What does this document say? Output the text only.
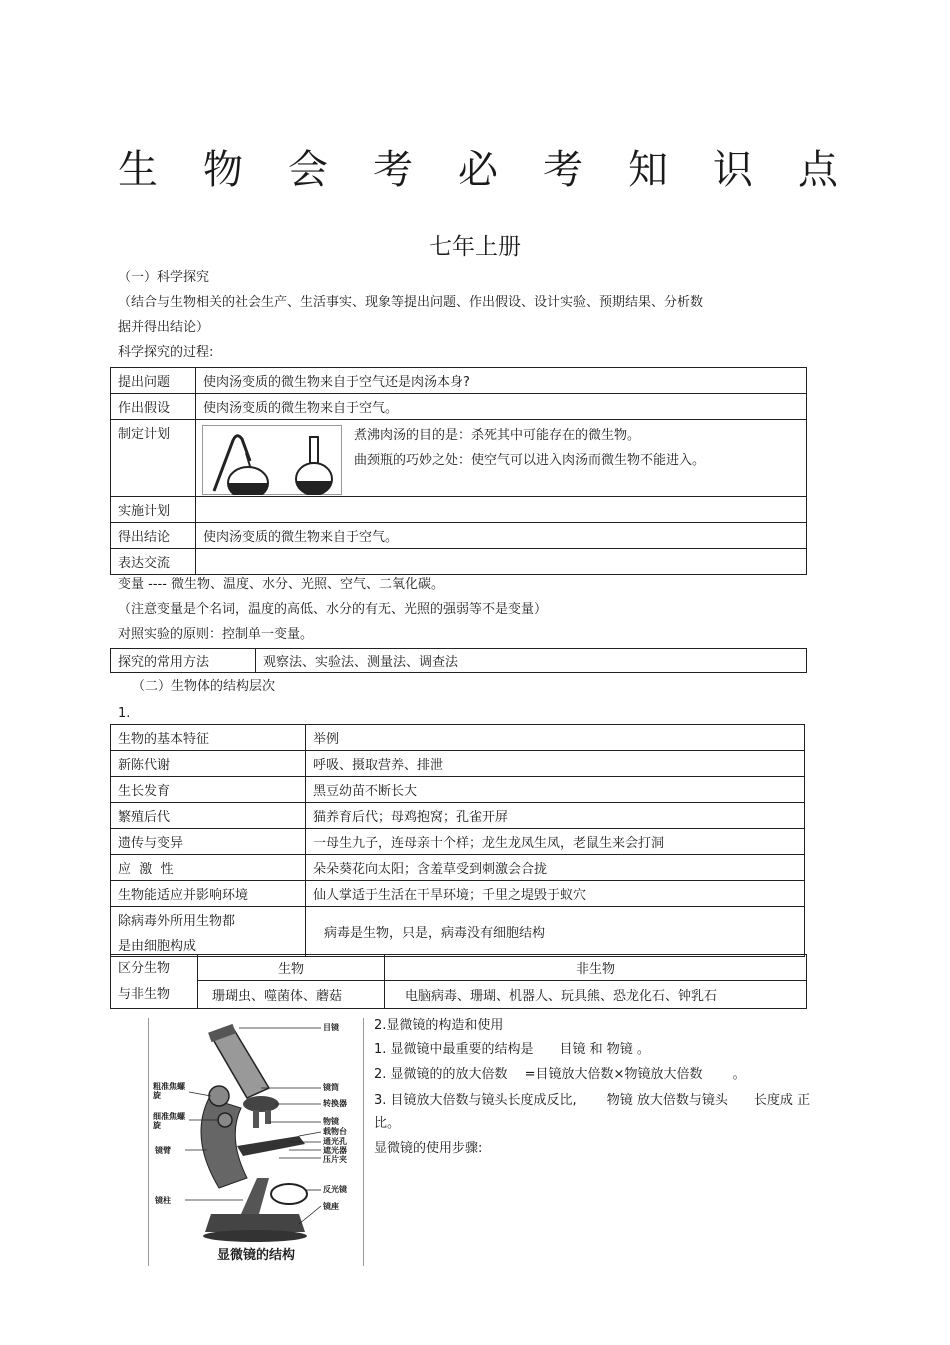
生 物 会 考 必 考 知 识 点
七年上册
（一）科学探究
（结合与生物相关的社会生产、生活事实、现象等提出问题、作出假设、设计实验、预期结果、分析数
据并得出结论）
科学探究的过程:
提出问题	使肉汤变质的微生物来自于空气还是肉汤本身?
作出假设	使肉汤变质的微生物来自于空气。
制定计划	煮沸肉汤的目的是：杀死其中可能存在的微生物。
曲颈瓶的巧妙之处：使空气可以进入肉汤而微生物不能进入。

实施计划	
得出结论	使肉汤变质的微生物来自于空气。
表达交流	
变量 ---- 微生物、温度、水分、光照、空气、二氧化碳。
（注意变量是个名词，温度的高低、水分的有无、光照的强弱等不是变量）
对照实验的原则：控制单一变量。
探究的常用方法	观察法、实验法、测量法、调查法
（二）生物体的结构层次
1.
生物的基本特征	举例
新陈代谢	呼吸、摄取营养、排泄
生长发育	黑豆幼苗不断长大
繁殖后代	猫养育后代；母鸡抱窝；孔雀开屏
遗传与变异	一母生九子，连母亲十个样；龙生龙凤生凤，老鼠生来会打洞
应  激  性	朵朵葵花向太阳；含羞草受到刺激会合拢
生物能适应并影响环境	仙人掌适于生活在干旱环境；千里之堤毁于蚁穴

除病毒外所用生物都
是由细胞构成	病毒是生物，只是，病毒没有细胞结构
区分生物
与非生物	生物	非生物
	珊瑚虫、噬菌体、蘑菇	电脑病毒、珊瑚、机器人、玩具熊、恐龙化石、钟乳石
目镜
镜筒
转换器
物镜
载物台
通光孔
遮光器
压片夹
反光镜
镜座
粗准焦螺旋
细准焦螺旋
镜臂
镜柱
显微镜的结构
2.显微镜的构造和使用
1. 显微镜中最重要的结构是　　目镜 和 物镜 。
2. 显微镜的的放大倍数　 =目镜放大倍数×物镜放大倍数　　 。
3. 目镜放大倍数与镜头长度成反比,　　 物镜 放大倍数与镜头　　长度成 正
比。
显微镜的使用步骤:
